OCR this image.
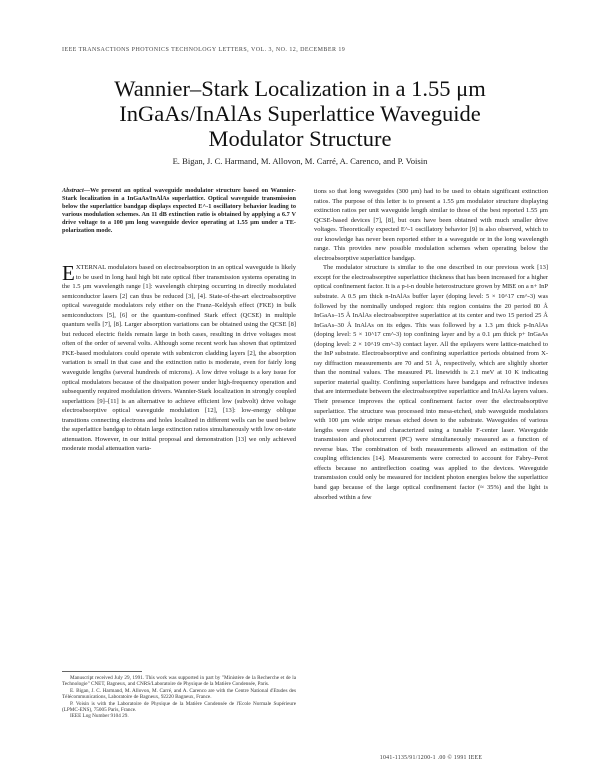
IEEE TRANSACTIONS PHOTONICS TECHNOLOGY LETTERS, VOL. 3, NO. 12, DECEMBER 19
Wannier–Stark Localization in a 1.55 μm
InGaAs/InAlAs Superlattice Waveguide
Modulator Structure
E. Bigan, J. C. Harmand, M. Allovon, M. Carré, A. Carenco, and P. Voisin
Abstract—We present an optical waveguide modulator structure based on Wannier-Stark localization in a InGaAs/InAlAs superlattice. Optical waveguide transmission below the superlattice bandgap displays expected E^-1 oscillatory behavior leading to various modulation schemes. An 11 dB extinction ratio is obtained by applying a 6.7 V drive voltage to a 100 μm long waveguide device operating at 1.55 μm under a TE-polarization mode.

EXTERNAL modulators based on electroabsorption in an optical waveguide is likely to be used in long haul high bit rate optical fiber transmission systems operating in the 1.5 μm wavelength range [1]: wavelength chirping occurring in directly modulated semiconductor lasers [2] can thus be reduced [3], [4]. State-of-the-art electroabsorptive optical waveguide modulators rely either on the Franz–Keldysh effect (FKE) in bulk semiconductors [5], [6] or the quantum-confined Stark effect (QCSE) in multiple quantum wells [7], [8]. Larger absorption variations can be obtained using the QCSE [8] but reduced electric fields remain large in both cases, resulting in drive voltages most often of the order of several volts. Although some recent work has shown that optimized FKE-based modulators could operate with submicron cladding layers [2], the absorption variation is small in that case and the extinction ratio is moderate, even for fairly long waveguide lengths (several hundreds of microns). A low drive voltage is a key issue for optical modulators because of the dissipation power under high-frequency operation and subsequently required modulation drivers. Wannier-Stark localization in strongly coupled superlattices [9]–[11] is an alternative to achieve efficient low (subvolt) drive voltage electroabsorptive optical waveguide modulation [12], [13]: low-energy oblique transitions connecting electrons and holes localized in different wells can be used below the superlattice bandgap to obtain large extinction ratios simultaneously with low on-state attenuation. However, in our initial proposal and demonstration [13] we only achieved moderate modal attenuation varia-

Manuscript received July 29, 1991. This work was supported in part by "Ministère de la Recherche et de la Technologie" CNET, Bagneux, and CNRS/Laboratoire de Physique de la Matière Condensée, Paris.

E. Bigan, J. C. Harmand, M. Allovon, M. Carré, and A. Carenco are with the Centre National d'Etudes des Télécommunications, Laboratoire de Bagneux, 92220 Bagneux, France.

P. Voisin is with the Laboratoire de Physique de la Matière Condensée de l'Ecole Normale Supérieure (LPMC-ENS), 75005 Paris, France.

IEEE Log Number 9104 29.

tions so that long waveguides (300 μm) had to be used to obtain significant extinction ratios. The purpose of this letter is to present a 1.55 μm modulator structure displaying extinction ratios per unit waveguide length similar to those of the best reported 1.55 μm QCSE-based devices [7], [8], but ours have been obtained with much smaller drive voltages. Theoretically expected E^-1 oscillatory behavior [9] is also observed, which to our knowledge has never been reported either in a waveguide or in the long wavelength range. This provides new possible modulation schemes when operating below the electroabsorptive superlattice bandgap.

The modulator structure is similar to the one described in our previous work [13] except for the electroabsorptive superlattice thickness that has been increased for a higher optical confinement factor. It is a p-i-n double heterostructure grown by MBE on a n+ InP substrate. A 0.5 μm thick n-InAlAs buffer layer (doping level: 5 × 10^17 cm^-3) was followed by the nominally undoped region: this region contains the 20 period 80 Å InGaAs–15 Å InAlAs electroabsorptive superlattice at its center and two 15 period 25 Å InGaAs–30 Å InAlAs on its edges. This was followed by a 1.3 μm thick p-InAlAs (doping level: 5 × 10^17 cm^-3) top confining layer and by a 0.1 μm thick p+ InGaAs (doping level: 2 × 10^19 cm^-3) contact layer. All the epilayers were lattice-matched to the InP substrate. Electroabsorptive and confining superlattice periods obtained from X-ray diffraction measurements are 70 and 51 Å, respectively, which are slightly shorter than the nominal values. The measured PL linewidth is 2.1 meV at 10 K indicating superior material quality. Confining superlattices have bandgaps and refractive indexes that are intermediate between the electroabsorptive superlattice and InAlAs layers values. Their presence improves the optical confinement factor over the electroabsorptive superlattice. The structure was processed into mesa-etched, stub waveguide modulators with 100 μm wide stripe mesas etched down to the substrate. Waveguides of various lengths were cleaved and characterized using a tunable F-center laser. Waveguide transmission and photocurrent (PC) were simultaneously measured as a function of reverse bias. The combination of both measurements allowed an estimation of the coupling efficiencies [14]. Measurements were corrected to account for Fabry–Perot effects because no antireflection coating was applied to the devices. Waveguide transmission could only be measured for incident photon energies below the superlattice band gap because of the large optical confinement factor (≈ 35%) and the light is absorbed within a few

1041-1135/91/1200-1 .00 © 1991 IEEE
